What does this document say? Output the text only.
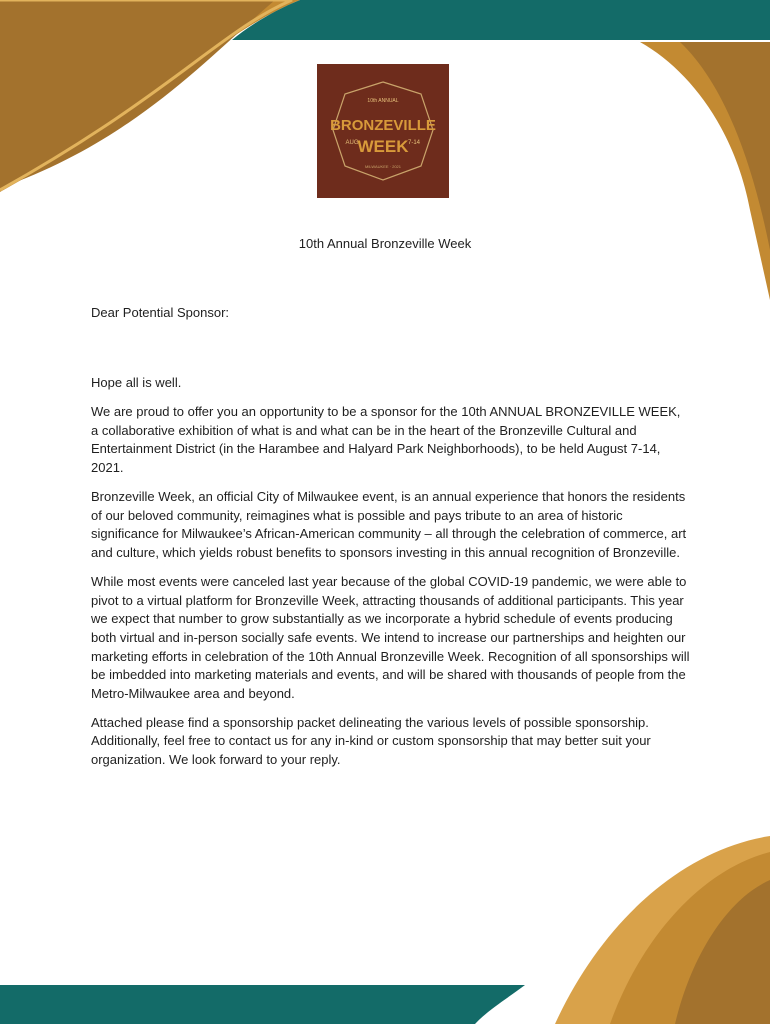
10th ANNUAL
BRONZEVILLE
AUG
WEEK 7-14
MILWAUKEE · 2021
10th Annual Bronzeville Week
Dear Potential Sponsor:

Hope all is well.

We are proud to offer you an opportunity to be a sponsor for the 10th ANNUAL BRONZEVILLE WEEK, a collaborative exhibition of what is and what can be in the heart of the Bronzeville Cultural and Entertainment District (in the Harambee and Halyard Park Neighborhoods), to be held August 7-14, 2021.

Bronzeville Week, an official City of Milwaukee event, is an annual experience that honors the residents of our beloved community, reimagines what is possible and pays tribute to an area of historic significance for Milwaukee’s African-American community – all through the celebration of commerce, art and culture, which yields robust benefits to sponsors investing in this annual recognition of Bronzeville.

While most events were canceled last year because of the global COVID-19 pandemic, we were able to pivot to a virtual platform for Bronzeville Week, attracting thousands of additional participants. This year we expect that number to grow substantially as we incorporate a hybrid schedule of events producing both virtual and in-person socially safe events. We intend to increase our partnerships and heighten our marketing efforts in celebration of the 10th Annual Bronzeville Week. Recognition of all sponsorships will be imbedded into marketing materials and events, and will be shared with thousands of people from the Metro-Milwaukee area and beyond.

Attached please find a sponsorship packet delineating the various levels of possible sponsorship. Additionally, feel free to contact us for any in-kind or custom sponsorship that may better suit your organization. We look forward to your reply.
